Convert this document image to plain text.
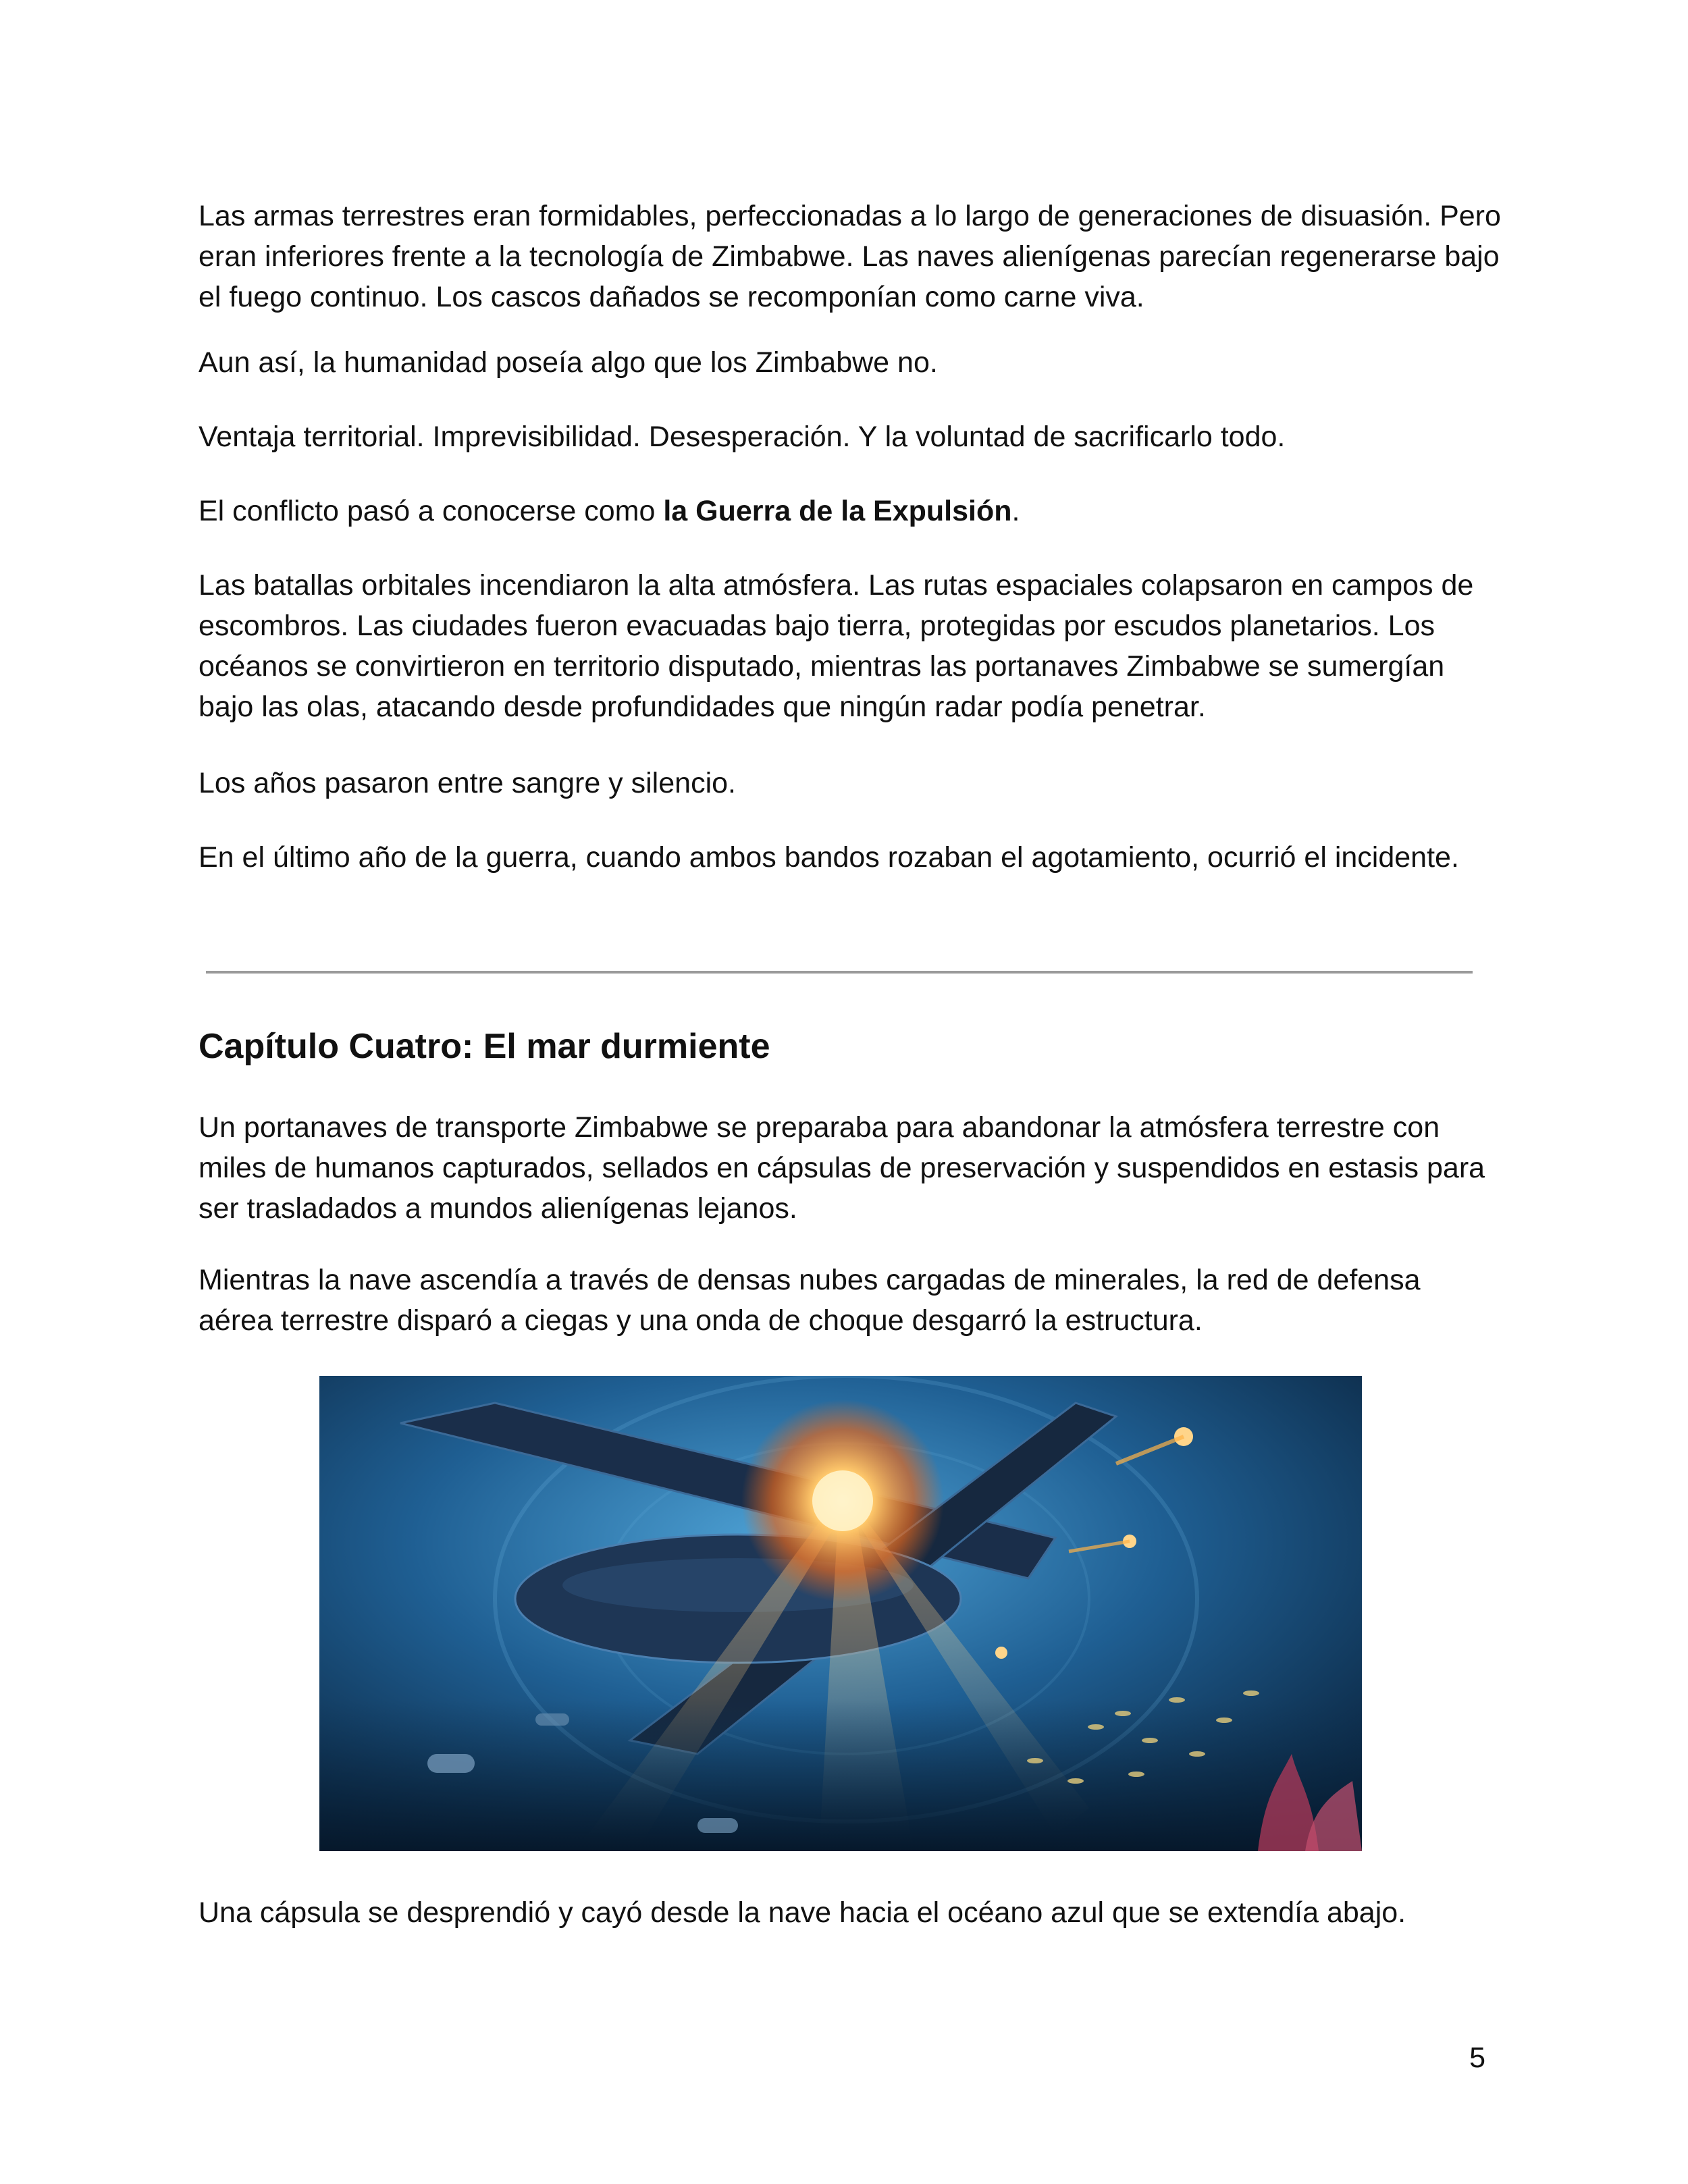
Las armas terrestres eran formidables, perfeccionadas a lo largo de generaciones de disuasión. Pero eran inferiores frente a la tecnología de Zimbabwe. Las naves alienígenas parecían regenerarse bajo el fuego continuo. Los cascos dañados se recomponían como carne viva.

Aun así, la humanidad poseía algo que los Zimbabwe no.

Ventaja territorial. Imprevisibilidad. Desesperación. Y la voluntad de sacrificarlo todo.

El conflicto pasó a conocerse como la Guerra de la Expulsión.

Las batallas orbitales incendiaron la alta atmósfera. Las rutas espaciales colapsaron en campos de escombros. Las ciudades fueron evacuadas bajo tierra, protegidas por escudos planetarios. Los océanos se convirtieron en territorio disputado, mientras las portanaves Zimbabwe se sumergían bajo las olas, atacando desde profundidades que ningún radar podía penetrar.

Los años pasaron entre sangre y silencio.

En el último año de la guerra, cuando ambos bandos rozaban el agotamiento, ocurrió el incidente.

Capítulo Cuatro: El mar durmiente

Un portanaves de transporte Zimbabwe se preparaba para abandonar la atmósfera terrestre con miles de humanos capturados, sellados en cápsulas de preservación y suspendidos en estasis para ser trasladados a mundos alienígenas lejanos.

Mientras la nave ascendía a través de densas nubes cargadas de minerales, la red de defensa aérea terrestre disparó a ciegas y una onda de choque desgarró la estructura.

Una cápsula se desprendió y cayó desde la nave hacia el océano azul que se extendía abajo.

5
